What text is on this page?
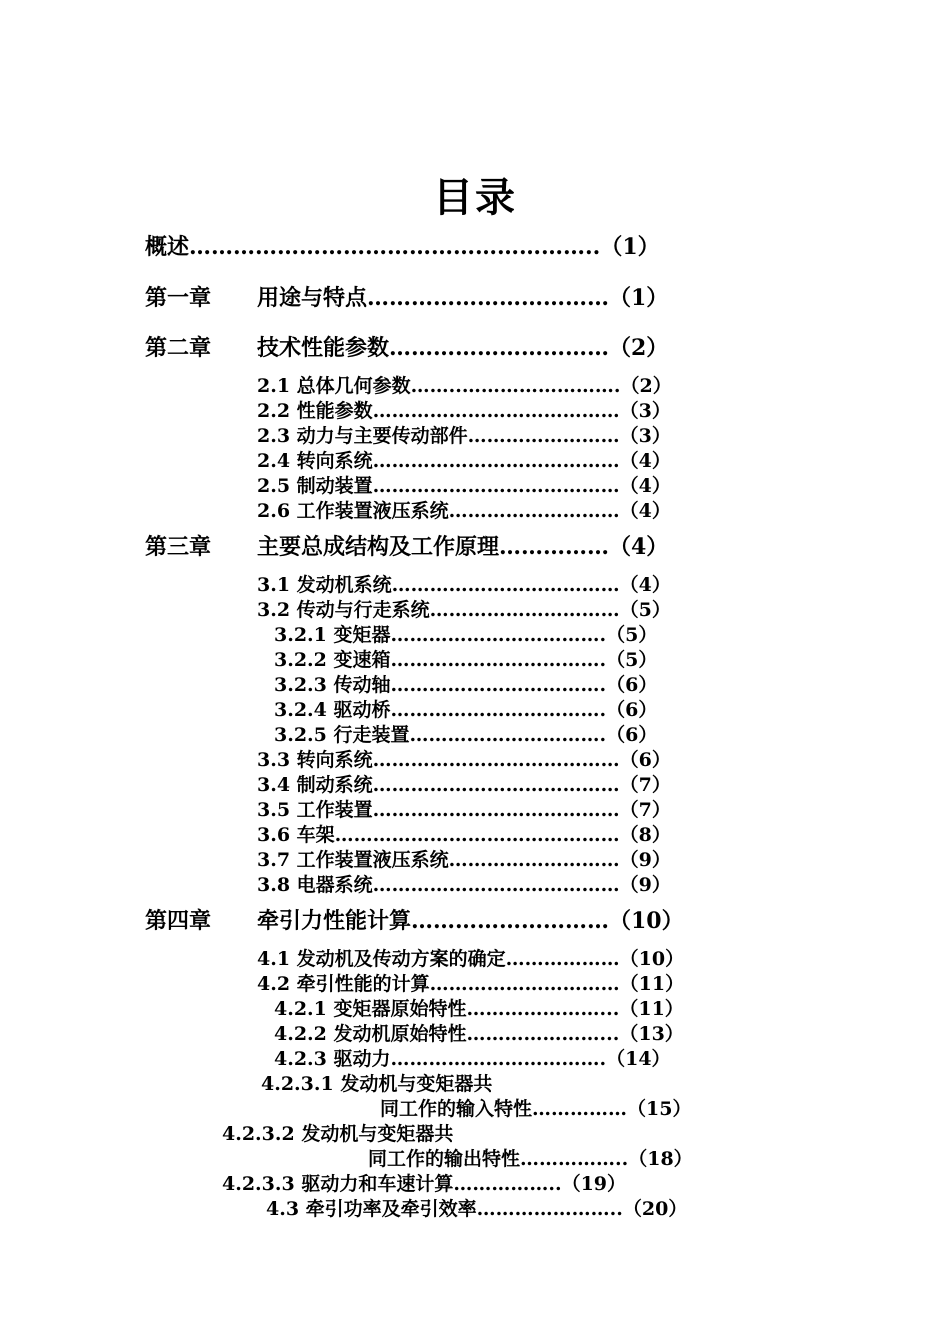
目录
概述………………………………………………..（1）
第一章 用途与特点……………………………（1）
第二章 技术性能参数…………………………（2）
2.1 总体几何参数……..…………………….（2）
2.2 性能参数…………………………………（3）
2.3 动力与主要传动部件……………………（3）
2.4 转向系统…………………………………（4）
2.5 制动装置…………………………………（4）
2.6 工作装置液压系统………………………（4）
第三章 主要总成结构及工作原理……………（4）
3.1 发动机系统………………………………（4）
3.2 传动与行走系统…………………………（5）
3.2.1 变矩器…………………………….（5）
3.2.2 变速箱…………………………….（5）
3.2.3 传动轴…………………………….（6）
3.2.4 驱动桥…………………………….（6）
3.2.5 行走装置………………………….（6）
3.3 转向系统…………………………………（6）
3.4 制动系统…………………………………（7）
3.5 工作装置…………………………………（7）
3.6 车架………………………………………（8）
3.7 工作装置液压系统………………………（9）
3.8 电器系统…………………………………（9）
第四章 牵引力性能计算………………………（10）
4.1 发动机及传动方案的确定………………（10）
4.2 牵引性能的计算…………………………（11）
4.2.1 变矩器原始特性…………………...（11）
4.2.2 发动机原始特性…………………...（13）
4.2.3 驱动力…………………………….（14）
4.2.3.1 发动机与变矩器共
同工作的输入特性……………（15）
4.2.3.2 发动机与变矩器共
同工作的输出特性……………..（18）
4.2.3.3 驱动力和车速计算……………..（19）
4.3 牵引功率及牵引效率…………………..（20）
